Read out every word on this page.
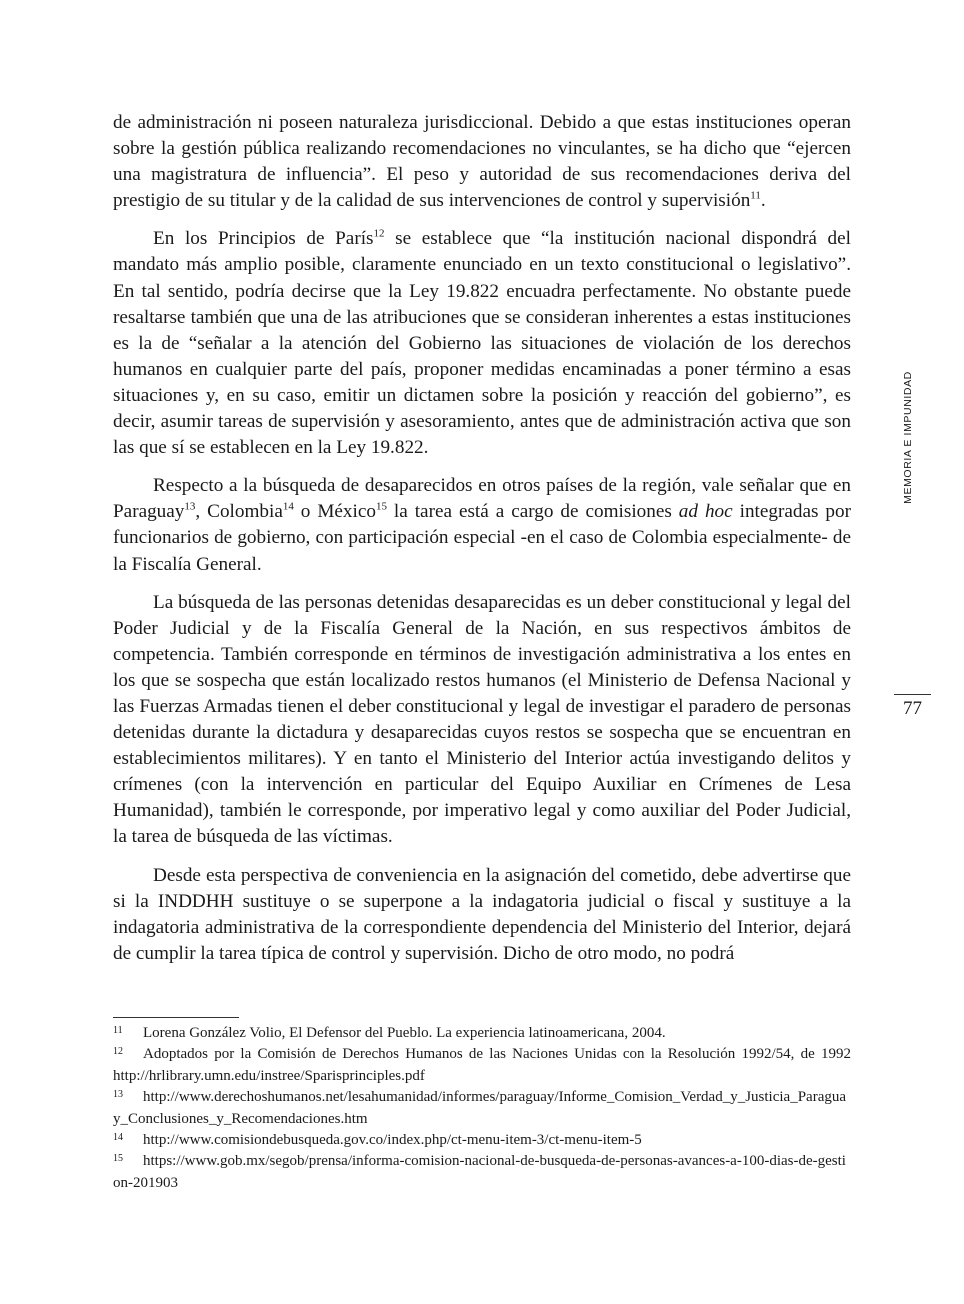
de administración ni poseen naturaleza jurisdiccional. Debido a que estas instituciones operan sobre la gestión pública realizando recomendaciones no vinculantes, se ha dicho que “ejercen una magistratura de influencia”. El peso y autoridad de sus recomendaciones deriva del prestigio de su titular y de la calidad de sus intervenciones de control y supervisión$^{11}$.

En los Principios de París$^{12}$ se establece que “la institución nacional dispondrá del mandato más amplio posible, claramente enunciado en un texto constitucional o legislativo”. En tal sentido, podría decirse que la Ley 19.822 encuadra perfectamente. No obstante puede resaltarse también que una de las atribuciones que se consideran inherentes a estas instituciones es la de “señalar a la atención del Gobierno las situaciones de violación de los derechos humanos en cualquier parte del país, proponer medidas encaminadas a poner término a esas situaciones y, en su caso, emitir un dictamen sobre la posición y reacción del gobierno”, es decir, asumir tareas de supervisión y asesoramiento, antes que de administración activa que son las que sí se establecen en la Ley 19.822.

Respecto a la búsqueda de desaparecidos en otros países de la región, vale señalar que en Paraguay$^{13}$, Colombia$^{14}$ o México$^{15}$ la tarea está a cargo de comisiones ad hoc integradas por funcionarios de gobierno, con participación especial -en el caso de Colombia especialmente- de la Fiscalía General.

La búsqueda de las personas detenidas desaparecidas es un deber constitucional y legal del Poder Judicial y de la Fiscalía General de la Nación, en sus respectivos ámbitos de competencia. También corresponde en términos de investigación administrativa a los entes en los que se sospecha que están localizado restos humanos (el Ministerio de Defensa Nacional y las Fuerzas Armadas tienen el deber constitucional y legal de investigar el paradero de personas detenidas durante la dictadura y desaparecidas cuyos restos se sospecha que se encuentran en establecimientos militares). Y en tanto el Ministerio del Interior actúa investigando delitos y crímenes (con la intervención en particular del Equipo Auxiliar en Crímenes de Lesa Humanidad), también le corresponde, por imperativo legal y como auxiliar del Poder Judicial, la tarea de búsqueda de las víctimas.

Desde esta perspectiva de conveniencia en la asignación del cometido, debe advertirse que si la INDDHH sustituye o se superpone a la indagatoria judicial o fiscal y sustituye a la indagatoria administrativa de la correspondiente dependencia del Ministerio del Interior, dejará de cumplir la tarea típica de control y supervisión. Dicho de otro modo, no podrá

11 Lorena González Volio, El Defensor del Pueblo. La experiencia latinoamericana, 2004.

12 Adoptados por la Comisión de Derechos Humanos de las Naciones Unidas con la Resolución 1992/54, de 1992 http://hrlibrary.umn.edu/instree/Sparisprinciples.pdf

13 http://www.derechoshumanos.net/lesahumanidad/informes/paraguay/Informe_Comision_Verdad_y_Justicia_Paraguay_Conclusiones_y_Recomendaciones.htm

14 http://www.comisiondebusqueda.gov.co/index.php/ct-menu-item-3/ct-menu-item-5

15 https://www.gob.mx/segob/prensa/informa-comision-nacional-de-busqueda-de-personas-avances-a-100-dias-de-gestion-201903

MEMORIA E IMPUNIDAD
77
